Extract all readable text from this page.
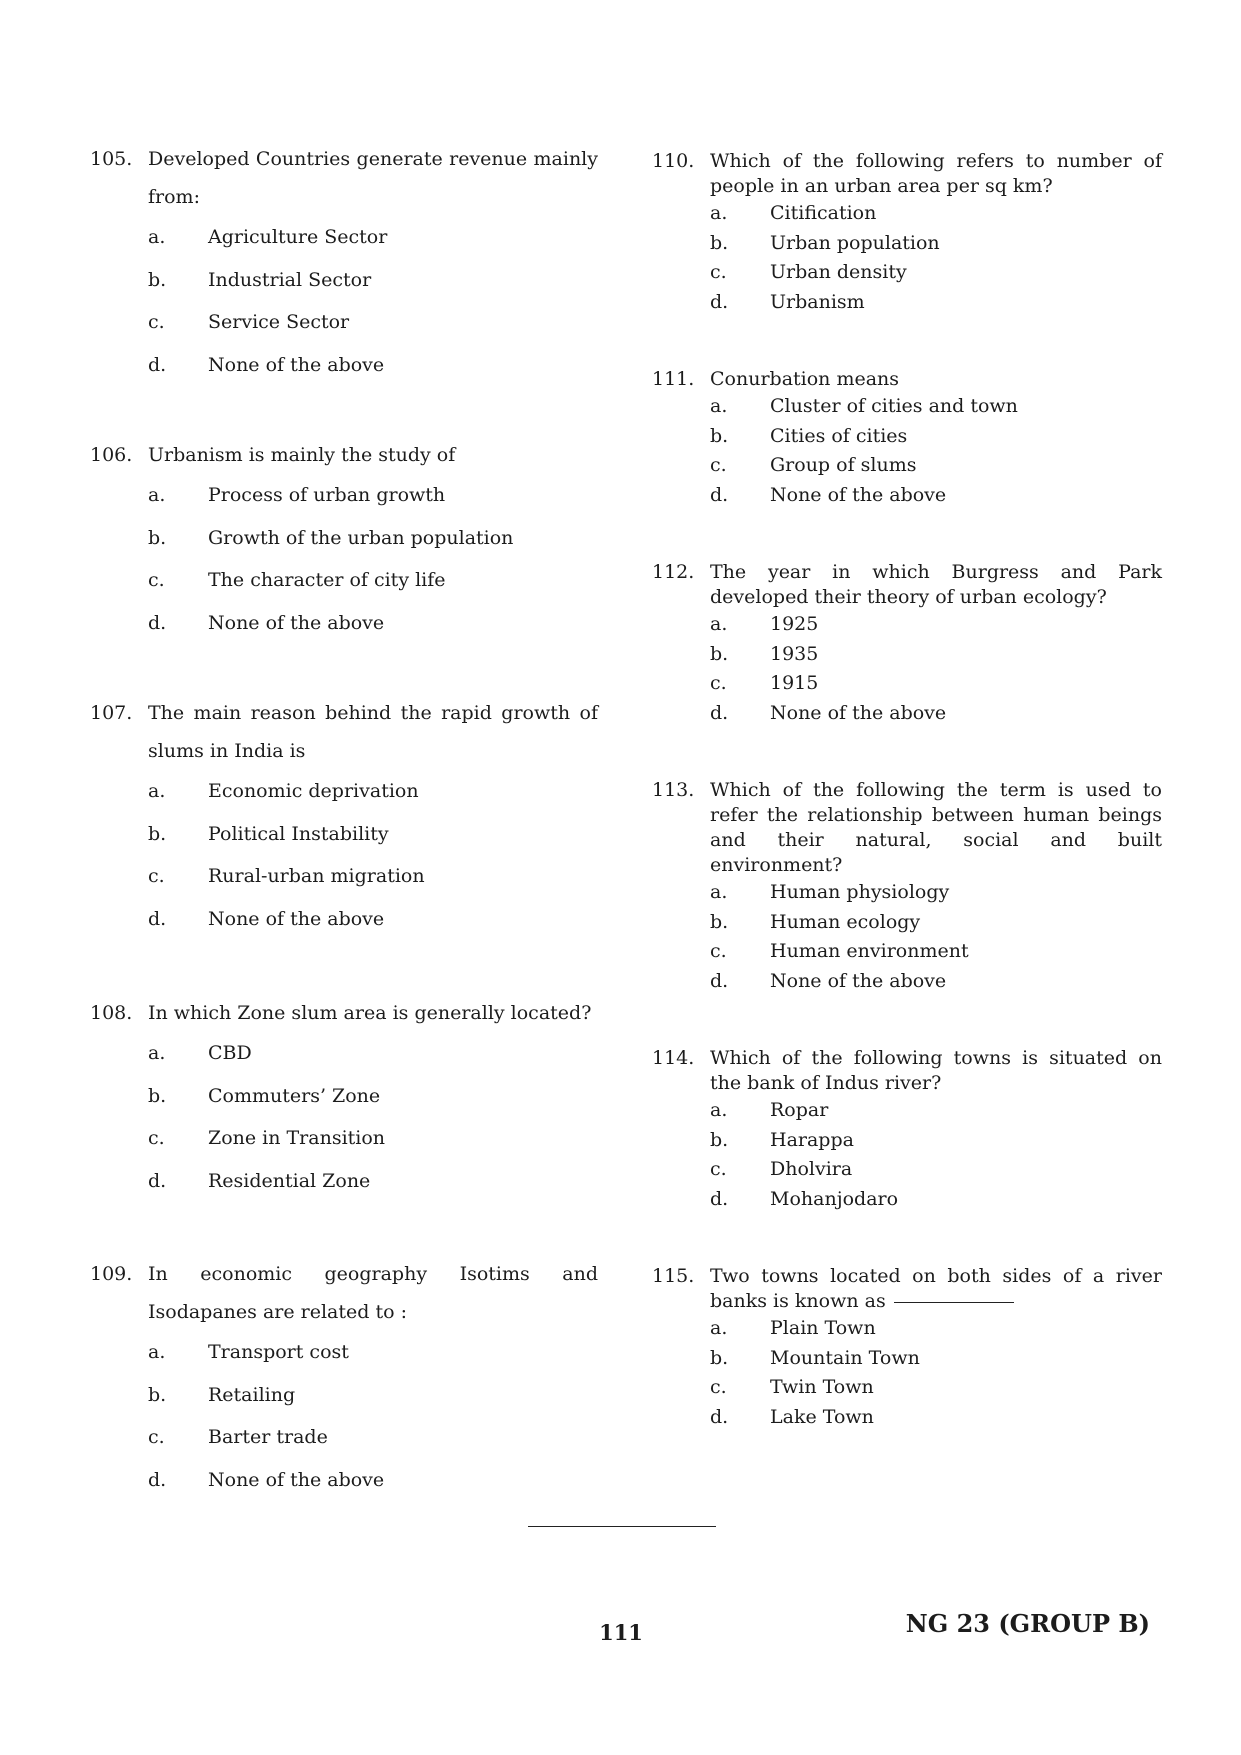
105. Developed Countries generate revenue mainly from:
a.	Agriculture Sector
b.	Industrial Sector
c.	Service Sector
d.	None of the above
106. Urbanism is mainly the study of
a.	Process of urban growth
b.	Growth of the urban population
c.	The character of city life
d.	None of the above
107. The main reason behind the rapid growth of slums in India is
a.	Economic deprivation
b.	Political Instability
c.	Rural-urban migration
d.	None of the above
108. In which Zone slum area is generally located?
a.	CBD
b.	Commuters’ Zone
c.	Zone in Transition
d.	Residential Zone
109. In economic geography Isotims and Isodapanes are related to :
a.	Transport cost
b.	Retailing
c.	Barter trade
d.	None of the above
110. Which of the following refers to number of people in an urban area per sq km?
a.	Citification
b.	Urban population
c.	Urban density
d.	Urbanism
111. Conurbation means
a.	Cluster of cities and town
b.	Cities of cities
c.	Group of slums
d.	None of the above
112. The year in which Burgress and Park developed their theory of urban ecology?
a.	1925
b.	1935
c.	1915
d.	None of the above
113. Which of the following the term is used to refer the relationship between human beings and their natural, social and built environment?
a.	Human physiology
b.	Human ecology
c.	Human environment
d.	None of the above
114. Which of the following towns is situated on the bank of Indus river?
a.	Ropar
b.	Harappa
c.	Dholvira
d.	Mohanjodaro
115. Two towns located on both sides of a river banks is known as
a.	Plain Town
b.	Mountain Town
c.	Twin Town
d.	Lake Town
111	NG 23 (GROUP B)
